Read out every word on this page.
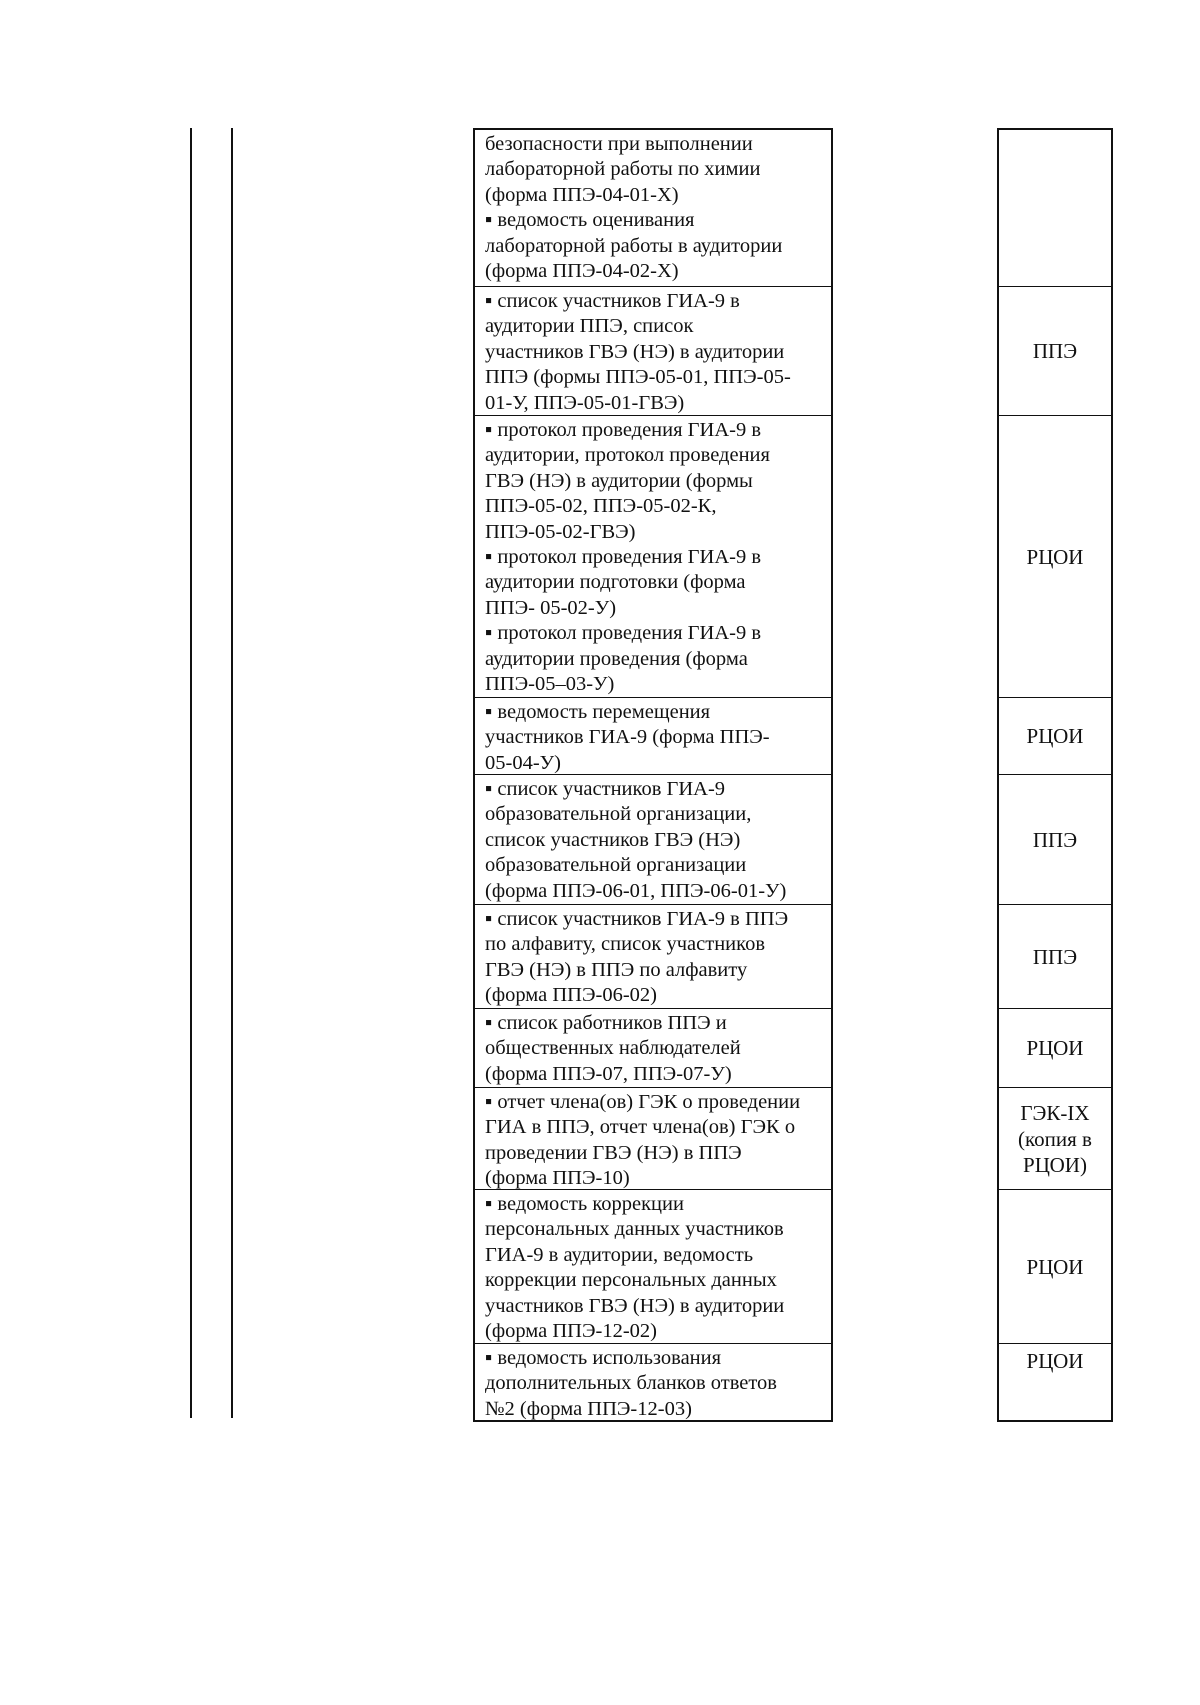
безопасности при выполнении
лабораторной работы по химии
(форма ППЭ-04-01-Х)
▪ ведомость оценивания
лабораторной работы в аудитории
(форма ППЭ-04-02-Х)
▪ список участников ГИА-9 в
аудитории ППЭ, список
участников ГВЭ (НЭ) в аудитории
ППЭ (формы ППЭ-05-01, ППЭ-05-
01-У, ППЭ-05-01-ГВЭ)
▪ протокол проведения ГИА-9 в
аудитории, протокол проведения
ГВЭ (НЭ) в аудитории (формы
ППЭ-05-02, ППЭ-05-02-К,
ППЭ-05-02-ГВЭ)
▪ протокол проведения ГИА-9 в
аудитории подготовки (форма
ППЭ- 05-02-У)
▪ протокол проведения ГИА-9 в
аудитории проведения (форма
ППЭ-05–03-У)
▪ ведомость перемещения
участников ГИА-9 (форма ППЭ-
05-04-У)
▪ список участников ГИА-9
образовательной организации,
список участников ГВЭ (НЭ)
образовательной организации
(форма ППЭ-06-01, ППЭ-06-01-У)
▪ список участников ГИА-9 в ППЭ
по алфавиту, список участников
ГВЭ (НЭ) в ППЭ по алфавиту
(форма ППЭ-06-02)
▪ список работников ППЭ и
общественных наблюдателей
(форма ППЭ-07, ППЭ-07-У)
▪ отчет члена(ов) ГЭК о проведении
ГИА в ППЭ, отчет члена(ов) ГЭК о
проведении ГВЭ (НЭ) в ППЭ
(форма ППЭ-10)
▪ ведомость коррекции
персональных данных участников
ГИА-9 в аудитории, ведомость
коррекции персональных данных
участников ГВЭ (НЭ) в аудитории
(форма ППЭ-12-02)
▪ ведомость использования
дополнительных бланков ответов
№2 (форма ППЭ-12-03)
ППЭ
РЦОИ
РЦОИ
ППЭ
ППЭ
РЦОИ
ГЭК-IX
(копия в
РЦОИ)
РЦОИ
РЦОИ
